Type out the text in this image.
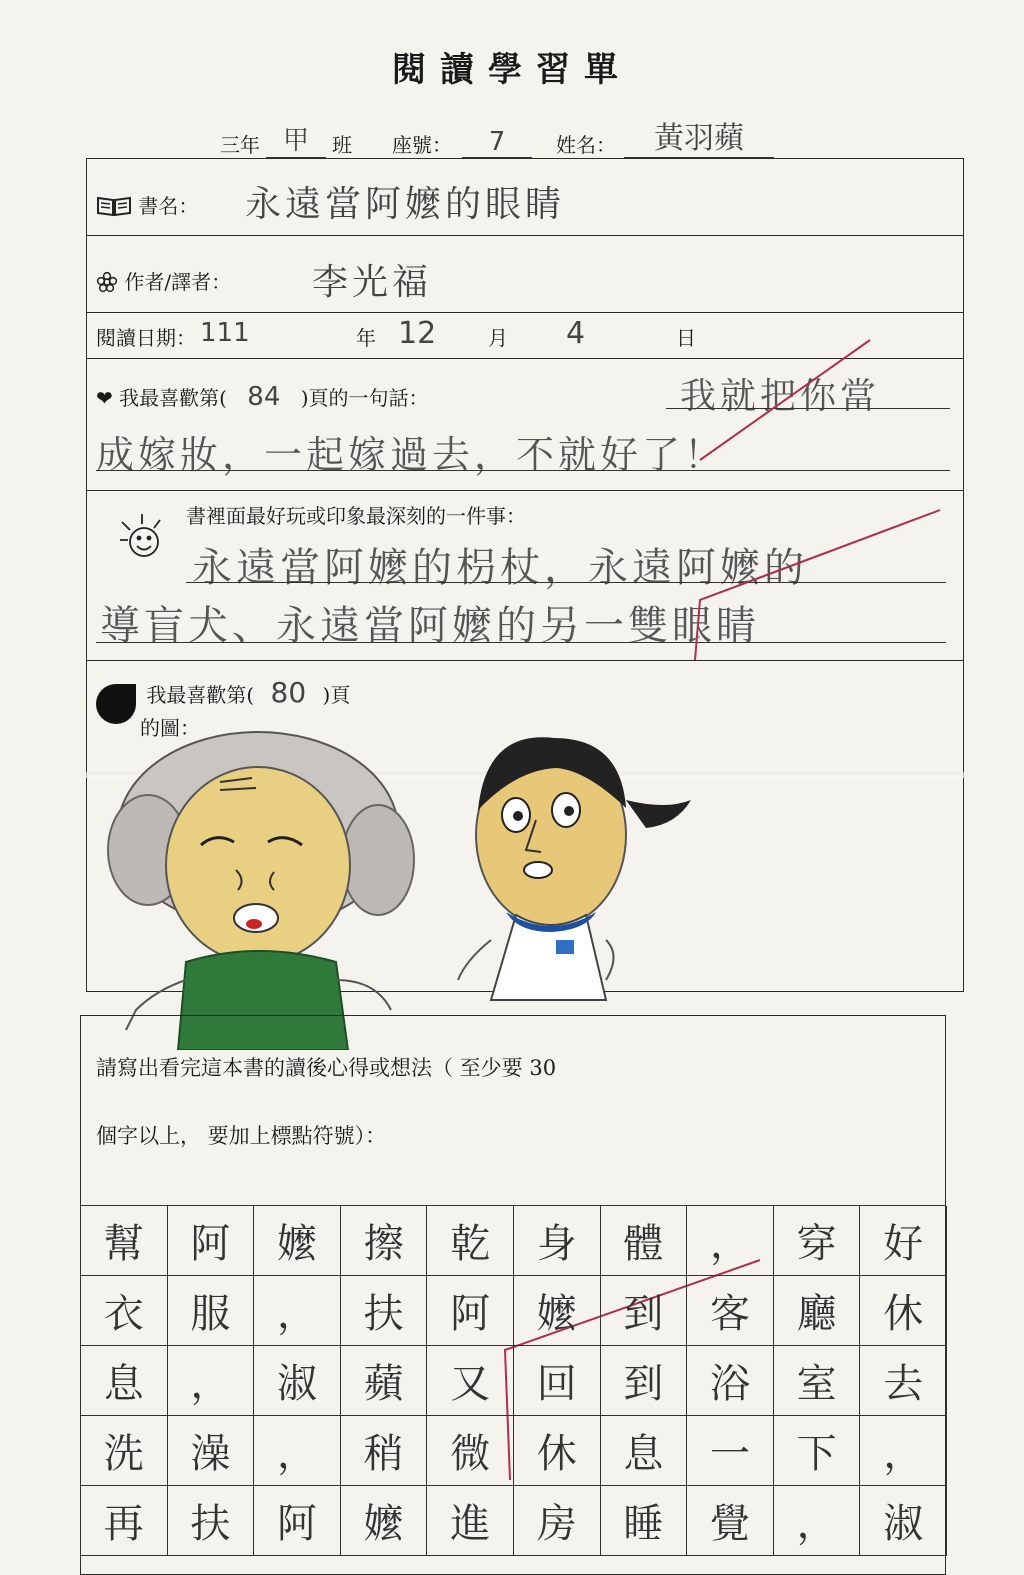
閱讀學習單
三年 甲	班 座號：	7	姓名：	黃羽蘋
書名： 永遠當阿嬤的眼睛
作者/譯者： 李光福
閱讀日期： 111	年 12	月 4	日
❤ 我最喜歡第( 84 )頁的一句話：	我就把你當
成嫁妝，一起嫁過去，不就好了！
書裡面最好玩或印象最深刻的一件事：
永遠當阿嬤的枴杖，永遠阿嬤的
導盲犬、永遠當阿嬤的另一雙眼睛
我最喜歡第( 80 )頁
的圖：
請寫出看完這本書的讀後心得或想法（ 至少要 30
個字以上， 要加上標點符號）：
幫	阿	嬤	擦	乾	身	體	，	穿	好
衣	服	，	扶	阿	嬤	到	客	廳	休
息	，	淑	蘋	又	回	到	浴	室	去
洗	澡	，	稍	微	休	息	一	下	，
再	扶	阿	嬤	進	房	睡	覺	，	淑
